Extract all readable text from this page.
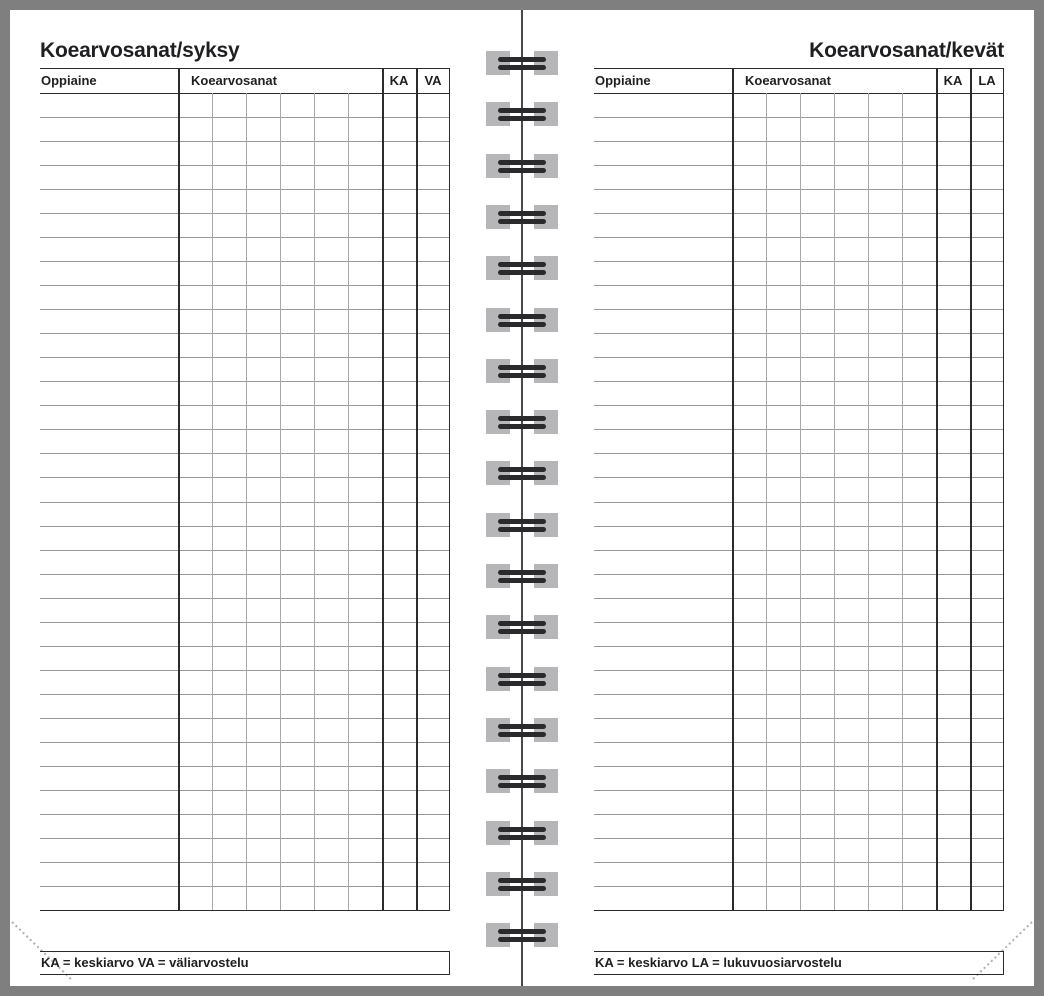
Koearvosanat/syksy
Oppiaine	Koearvosanat	KA	VA
KA = keskiarvo VA = väliarvostelu
Koearvosanat/kevät
Oppiaine	Koearvosanat	KA	LA
KA = keskiarvo LA = lukuvuosiarvostelu
